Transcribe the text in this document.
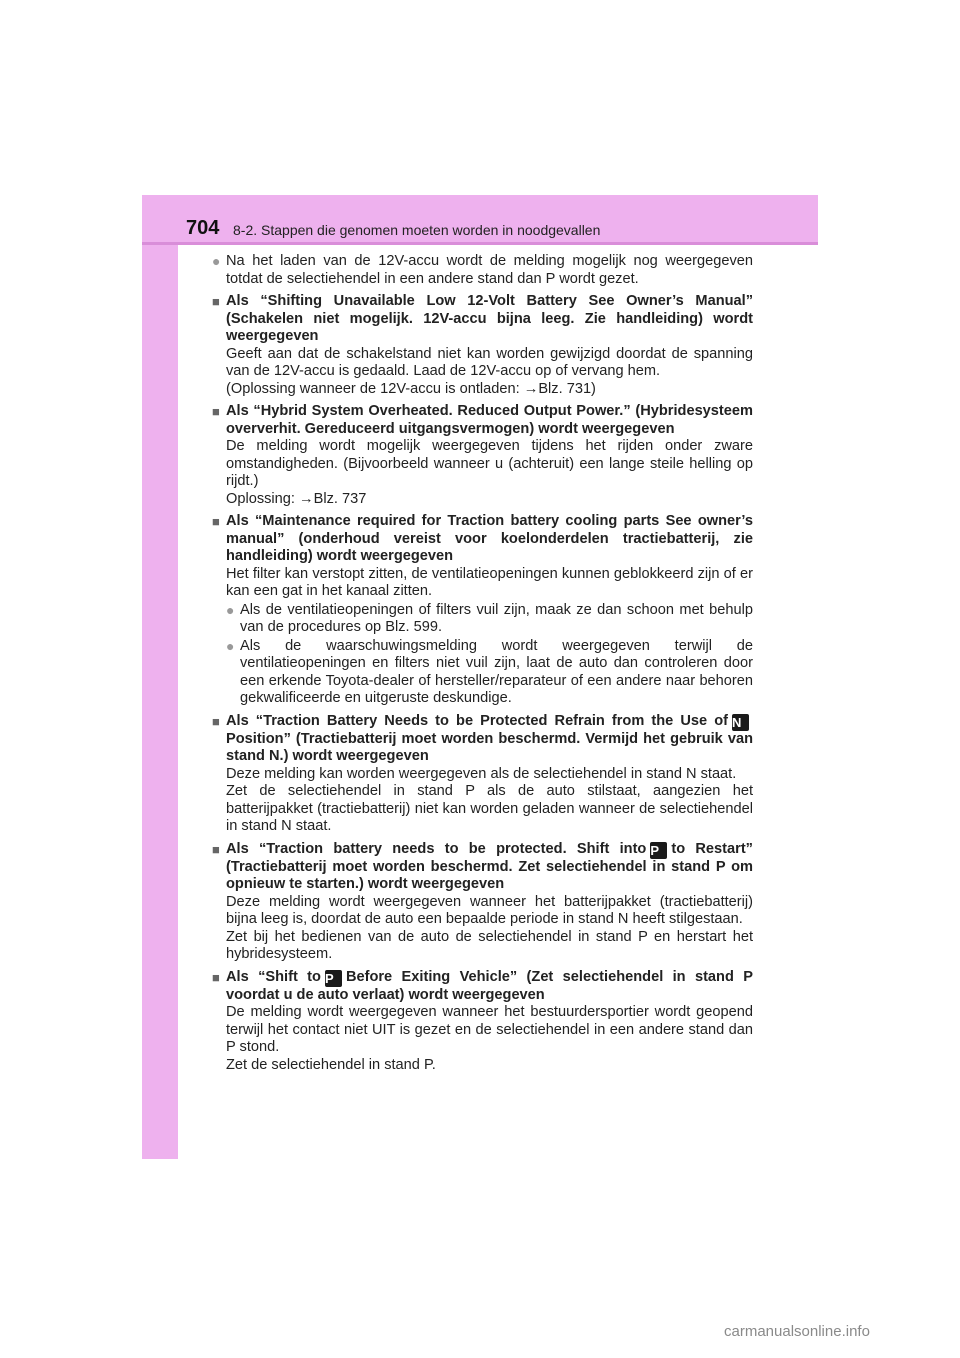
704 8-2. Stappen die genomen moeten worden in noodgevallen
● Na het laden van de 12V-accu wordt de melding mogelijk nog weergegeven totdat de selectiehendel in een andere stand dan P wordt gezet.
■ Als “Shifting Unavailable Low 12-Volt Battery See Owner’s Manual” (Schakelen niet mogelijk. 12V-accu bijna leeg. Zie handleiding) wordt weergegeven
Geeft aan dat de schakelstand niet kan worden gewijzigd doordat de spanning van de 12V-accu is gedaald. Laad de 12V-accu op of vervang hem.
(Oplossing wanneer de 12V-accu is ontladen: →Blz. 731)
■ Als “Hybrid System Overheated. Reduced Output Power.” (Hybridesysteem oververhit. Gereduceerd uitgangsvermogen) wordt weergegeven
De melding wordt mogelijk weergegeven tijdens het rijden onder zware omstandigheden. (Bijvoorbeeld wanneer u (achteruit) een lange steile helling op rijdt.)
Oplossing: →Blz. 737
■ Als “Maintenance required for Traction battery cooling parts See owner’s manual” (onderhoud vereist voor koelonderdelen tractiebatterij, zie handleiding) wordt weergegeven
Het filter kan verstopt zitten, de ventilatieopeningen kunnen geblokkeerd zijn of er kan een gat in het kanaal zitten.
● Als de ventilatieopeningen of filters vuil zijn, maak ze dan schoon met behulp van de procedures op Blz. 599.
● Als de waarschuwingsmelding wordt weergegeven terwijl de ventilatieopeningen en filters niet vuil zijn, laat de auto dan controleren door een erkende Toyota-dealer of hersteller/reparateur of een andere naar behoren gekwalificeerde en uitgeruste deskundige.
■ Als “Traction Battery Needs to be Protected Refrain from the Use of NPosition” (Tractiebatterij moet worden beschermd. Vermijd het gebruik van stand N.) wordt weergegeven
Deze melding kan worden weergegeven als de selectiehendel in stand N staat.
Zet de selectiehendel in stand P als de auto stilstaat, aangezien het batterijpakket (tractiebatterij) niet kan worden geladen wanneer de selectiehendel in stand N staat.
■ Als “Traction battery needs to be protected. Shift into P to Restart” (Tractiebatterij moet worden beschermd. Zet selectiehendel in stand P om opnieuw te starten.) wordt weergegeven
Deze melding wordt weergegeven wanneer het batterijpakket (tractiebatterij) bijna leeg is, doordat de auto een bepaalde periode in stand N heeft stilgestaan.
Zet bij het bedienen van de auto de selectiehendel in stand P en herstart het hybridesysteem.
■ Als “Shift to P Before Exiting Vehicle” (Zet selectiehendel in stand P voordat u de auto verlaat) wordt weergegeven
De melding wordt weergegeven wanneer het bestuurdersportier wordt geopend terwijl het contact niet UIT is gezet en de selectiehendel in een andere stand dan P stond.
Zet de selectiehendel in stand P.
carmanualsonline.info
